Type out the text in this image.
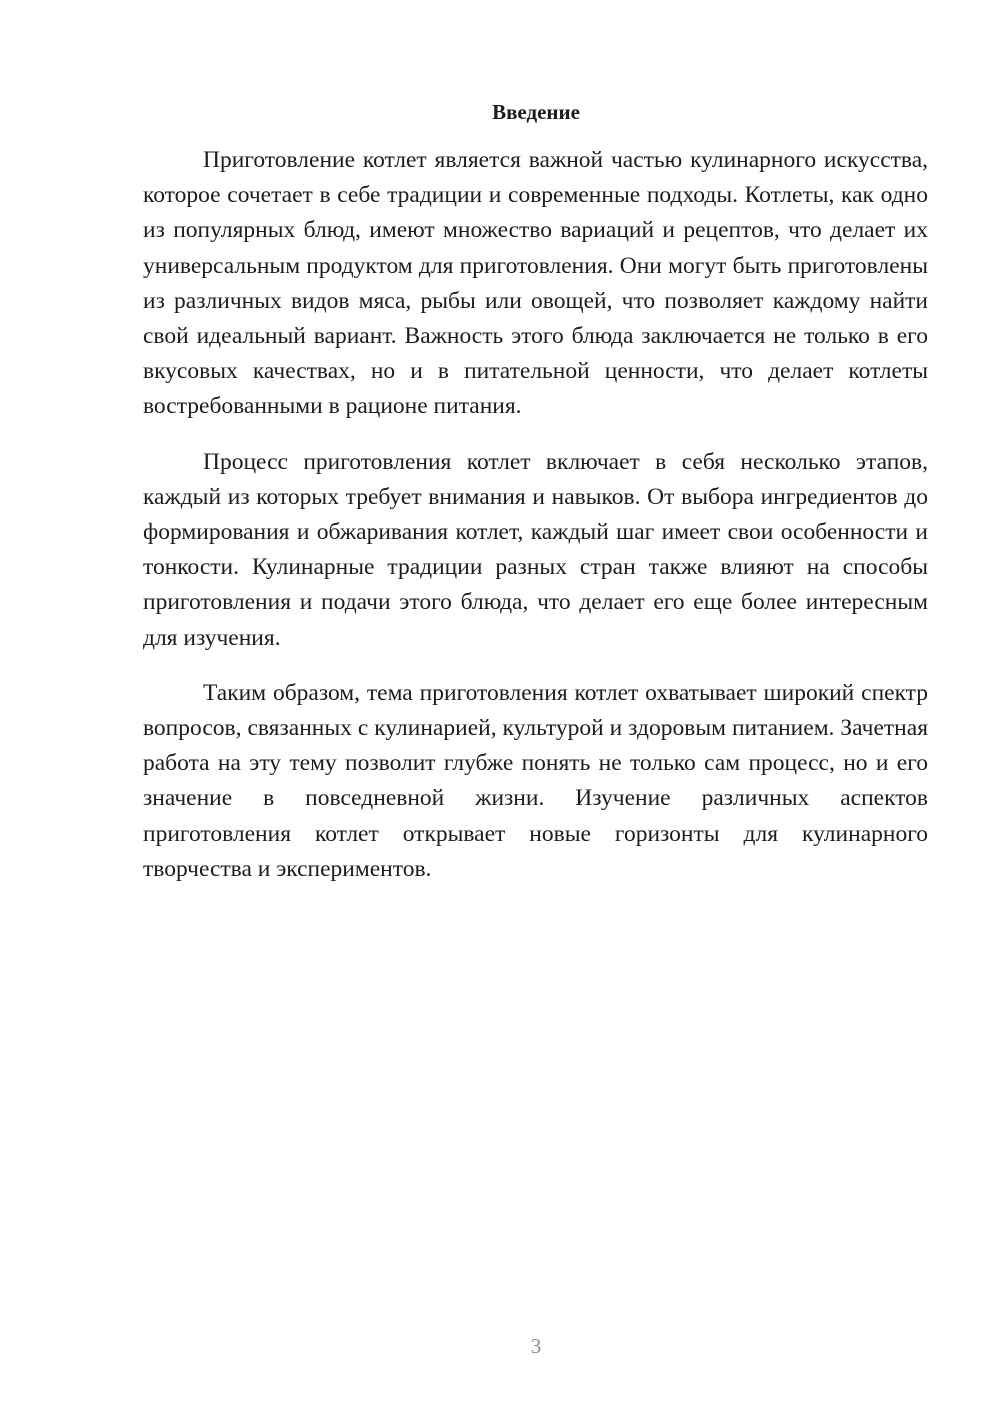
Введение

Приготовление котлет является важной частью кулинарного искусства, которое сочетает в себе традиции и современные подходы. Котлеты, как одно из популярных блюд, имеют множество вариаций и рецептов, что делает их универсальным продуктом для приготовления. Они могут быть приготовлены из различных видов мяса, рыбы или овощей, что позволяет каждому найти свой идеальный вариант. Важность этого блюда заключается не только в его вкусовых качествах, но и в питательной ценности, что делает котлеты востребованными в рационе питания.

Процесс приготовления котлет включает в себя несколько этапов, каждый из которых требует внимания и навыков. От выбора ингредиентов до формирования и обжаривания котлет, каждый шаг имеет свои особенности и тонкости. Кулинарные традиции разных стран также влияют на способы приготовления и подачи этого блюда, что делает его еще более интересным для изучения.

Таким образом, тема приготовления котлет охватывает широкий спектр вопросов, связанных с кулинарией, культурой и здоровым питанием. Зачетная работа на эту тему позволит глубже понять не только сам процесс, но и его значение в повседневной жизни. Изучение различных аспектов приготовления котлет открывает новые горизонты для кулинарного творчества и экспериментов.

3
